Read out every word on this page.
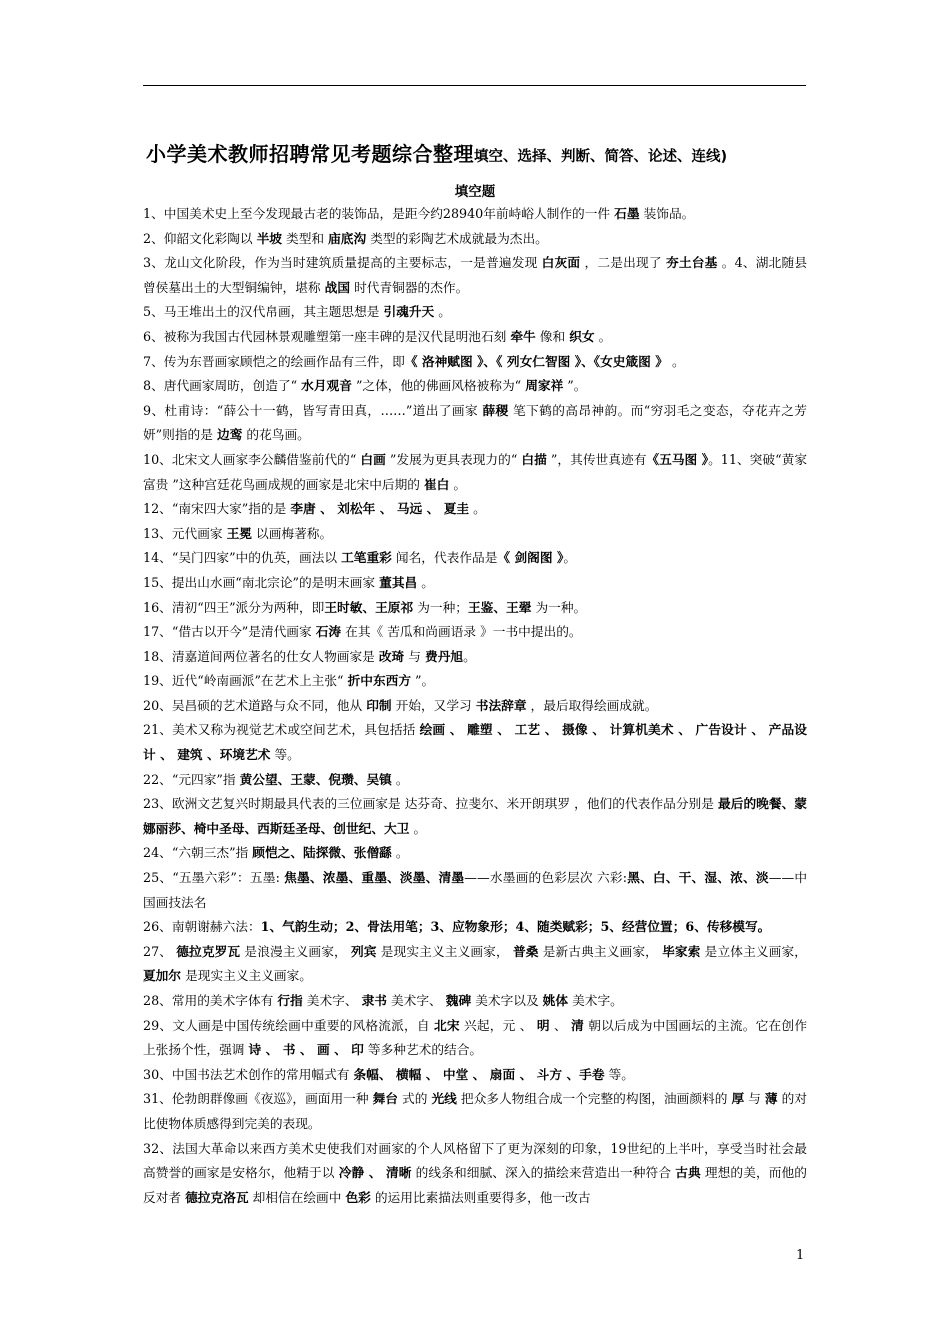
小学美术教师招聘常见考题综合整理填空、选择、判断、简答、论述、连线)
填空题

1、中国美术史上至今发现最古老的装饰品，是距今约28940年前峙峪人制作的一件 石墨 装饰品。

2、仰韶文化彩陶以 半坡 类型和 庙底沟 类型的彩陶艺术成就最为杰出。

3、龙山文化阶段，作为当时建筑质量提高的主要标志，一是普遍发现 白灰面 ，二是出现了 夯土台基 。4、湖北随县曾侯墓出土的大型铜编钟，堪称 战国 时代青铜器的杰作。

5、马王堆出土的汉代帛画，其主题思想是 引魂升天 。

6、被称为我国古代园林景观雕塑第一座丰碑的是汉代昆明池石刻 牵牛 像和 织女 。

7、传为东晋画家顾恺之的绘画作品有三件，即《 洛神赋图 》、《 列女仁智图 》、《女史箴图 》 。

8、唐代画家周昉，创造了“ 水月观音 ”之体，他的佛画风格被称为“ 周家祥 ”。

9、杜甫诗：“薛公十一鹤，皆写青田真，……”道出了画家 薛稷 笔下鹤的高昂神韵。而“穷羽毛之变态，夺花卉之芳妍”则指的是 边鸾 的花鸟画。

10、北宋文人画家李公麟借鉴前代的“ 白画 ”发展为更具表现力的“ 白描 ”，其传世真迹有《五马图 》。11、突破“黄家富贵 ”这种宫廷花鸟画成规的画家是北宋中后期的 崔白 。

12、“南宋四大家”指的是 李唐 、 刘松年 、 马远 、 夏圭 。

13、元代画家 王冕 以画梅著称。

14、“吴门四家”中的仇英，画法以 工笔重彩 闻名，代表作品是《 剑阁图 》。

15、提出山水画“南北宗论”的是明末画家 董其昌 。

16、清初“四王”派分为两种，即王时敏、王原祁 为一种；王鉴、王翚 为一种。

17、“借古以开今”是清代画家 石涛 在其《 苦瓜和尚画语录 》一书中提出的。

18、清嘉道间两位著名的仕女人物画家是 改琦 与 费丹旭。

19、近代“岭南画派”在艺术上主张“ 折中东西方 ”。

20、吴昌硕的艺术道路与众不同，他从 印制 开始，又学习 书法辞章 ，最后取得绘画成就。

21、美术又称为视觉艺术或空间艺术，具包括括 绘画 、 雕塑 、 工艺 、 摄像 、 计算机美术 、 广告设计 、 产品设计 、 建筑 、环境艺术 等。

22、“元四家”指 黄公望、王蒙、倪瓒、吴镇 。

23、欧洲文艺复兴时期最具代表的三位画家是 达芬奇、拉斐尔、米开朗琪罗 ，他们的代表作品分别是 最后的晚餐、蒙娜丽莎、椅中圣母、西斯廷圣母、创世纪、大卫 。

24、“六朝三杰”指 顾恺之、陆探微、张僧繇 。

25、“五墨六彩”：五墨: 焦墨、浓墨、重墨、淡墨、清墨——水墨画的色彩层次 六彩:黑、白、干、湿、浓、淡——中国画技法名

26、南朝谢赫六法：1、气韵生动；2、骨法用笔；3、应物象形；4、随类赋彩；5、经营位置；6、传移模写。

27、 德拉克罗瓦 是浪漫主义画家， 列宾 是现实主义主义画家， 普桑 是新古典主义画家， 毕家索 是立体主义画家， 夏加尔 是现实主义主义画家。

28、常用的美术字体有 行指 美术字、 隶书 美术字、 魏碑 美术字以及 姚体 美术字。

29、文人画是中国传统绘画中重要的风格流派，自 北宋 兴起，元 、 明 、 清 朝以后成为中国画坛的主流。它在创作上张扬个性，强调 诗 、 书 、 画 、 印 等多种艺术的结合。

30、中国书法艺术创作的常用幅式有 条幅、 横幅 、 中堂 、 扇面 、 斗方 、手卷 等。

31、伦勃朗群像画《夜巡》，画面用一种 舞台 式的 光线 把众多人物组合成一个完整的构图，油画颜料的 厚 与 薄 的对比使物体质感得到完美的表现。

32、法国大革命以来西方美术史使我们对画家的个人风格留下了更为深刻的印象，19世纪的上半叶，享受当时社会最高赞誉的画家是安格尔，他精于以 冷静 、 清晰 的线条和细腻、深入的描绘来营造出一种符合 古典 理想的美，而他的反对者 德拉克洛瓦 却相信在绘画中 色彩 的运用比素描法则重要得多，他一改古

1
